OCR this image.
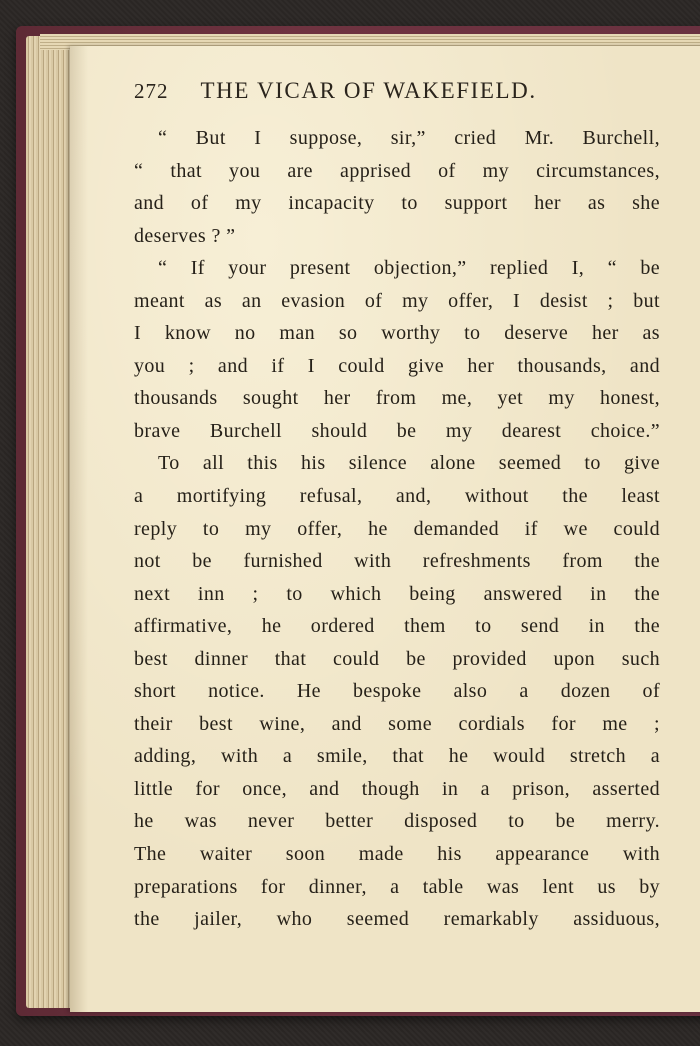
272 THE VICAR OF WAKEFIELD.
“ But I suppose, sir,” cried Mr. Burchell,
“ that you are apprised of my circumstances,
and of my incapacity to support her as she
deserves ? ”
“ If your present objection,” replied I, “ be
meant as an evasion of my offer, I desist ; but
I know no man so worthy to deserve her as
you ; and if I could give her thousands, and
thousands sought her from me, yet my honest,
brave Burchell should be my dearest choice.”
To all this his silence alone seemed to give
a mortifying refusal, and, without the least
reply to my offer, he demanded if we could
not be furnished with refreshments from the
next inn ; to which being answered in the
affirmative, he ordered them to send in the
best dinner that could be provided upon such
short notice. He bespoke also a dozen of
their best wine, and some cordials for me ;
adding, with a smile, that he would stretch a
little for once, and though in a prison, asserted
he was never better disposed to be merry.
The waiter soon made his appearance with
preparations for dinner, a table was lent us by
the jailer, who seemed remarkably assiduous,
